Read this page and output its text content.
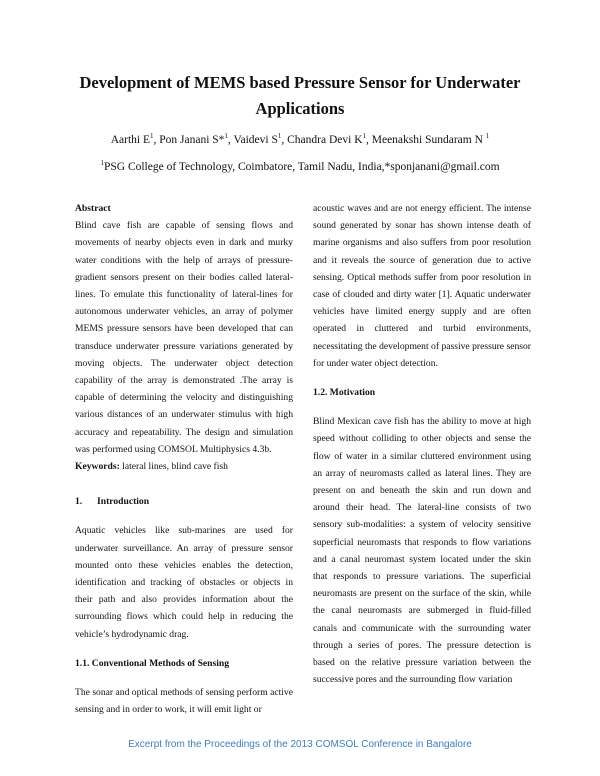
Development of MEMS based Pressure Sensor for Underwater
Applications
Aarthi $E^1$, Pon Janani S*$^1$, Vaidevi $S^1$, Chandra Devi $K^1$, Meenakshi Sundaram N $^1$
$^1$PSG College of Technology, Coimbatore, Tamil Nadu, India,*sponjanani@gmail.com

Abstract

Blind cave fish are capable of sensing flows and movements of nearby objects even in dark and murky water conditions with the help of arrays of pressure-gradient sensors present on their bodies called lateral-lines. To emulate this functionality of lateral-lines for autonomous underwater vehicles, an array of polymer MEMS pressure sensors have been developed that can transduce underwater pressure variations generated by moving objects. The underwater object detection capability of the array is demonstrated .The array is capable of determining the velocity and distinguishing various distances of an underwater stimulus with high accuracy and repeatability. The design and simulation was performed using COMSOL Multiphysics 4.3b.

Keywords: lateral lines, blind cave fish

1. Introduction

Aquatic vehicles like sub-marines are used for underwater surveillance. An array of pressure sensor mounted onto these vehicles enables the detection, identification and tracking of obstacles or objects in their path and also provides information about the surrounding flows which could help in reducing the vehicle’s hydrodynamic drag.

1.1. Conventional Methods of Sensing

The sonar and optical methods of sensing perform active sensing and in order to work, it will emit light or

acoustic waves and are not energy efficient. The intense sound generated by sonar has shown intense death of marine organisms and also suffers from poor resolution and it reveals the source of generation due to active sensing. Optical methods suffer from poor resolution in case of clouded and dirty water [1]. Aquatic underwater vehicles have limited energy supply and are often operated in cluttered and turbid environments, necessitating the development of passive pressure sensor for under water object detection.

1.2. Motivation

Blind Mexican cave fish has the ability to move at high speed without colliding to other objects and sense the flow of water in a similar cluttered environment using an array of neuromasts called as lateral lines. They are present on and beneath the skin and run down and around their head. The lateral-line consists of two sensory sub-modalities: a system of velocity sensitive superficial neuromasts that responds to flow variations and a canal neuromast system located under the skin that responds to pressure variations. The superficial neuromasts are present on the surface of the skin, while the canal neuromasts are submerged in fluid-filled canals and communicate with the surrounding water through a series of pores. The pressure detection is based on the relative pressure variation between the successive pores and the surrounding flow variation

Excerpt from the Proceedings of the 2013 COMSOL Conference in Bangalore
